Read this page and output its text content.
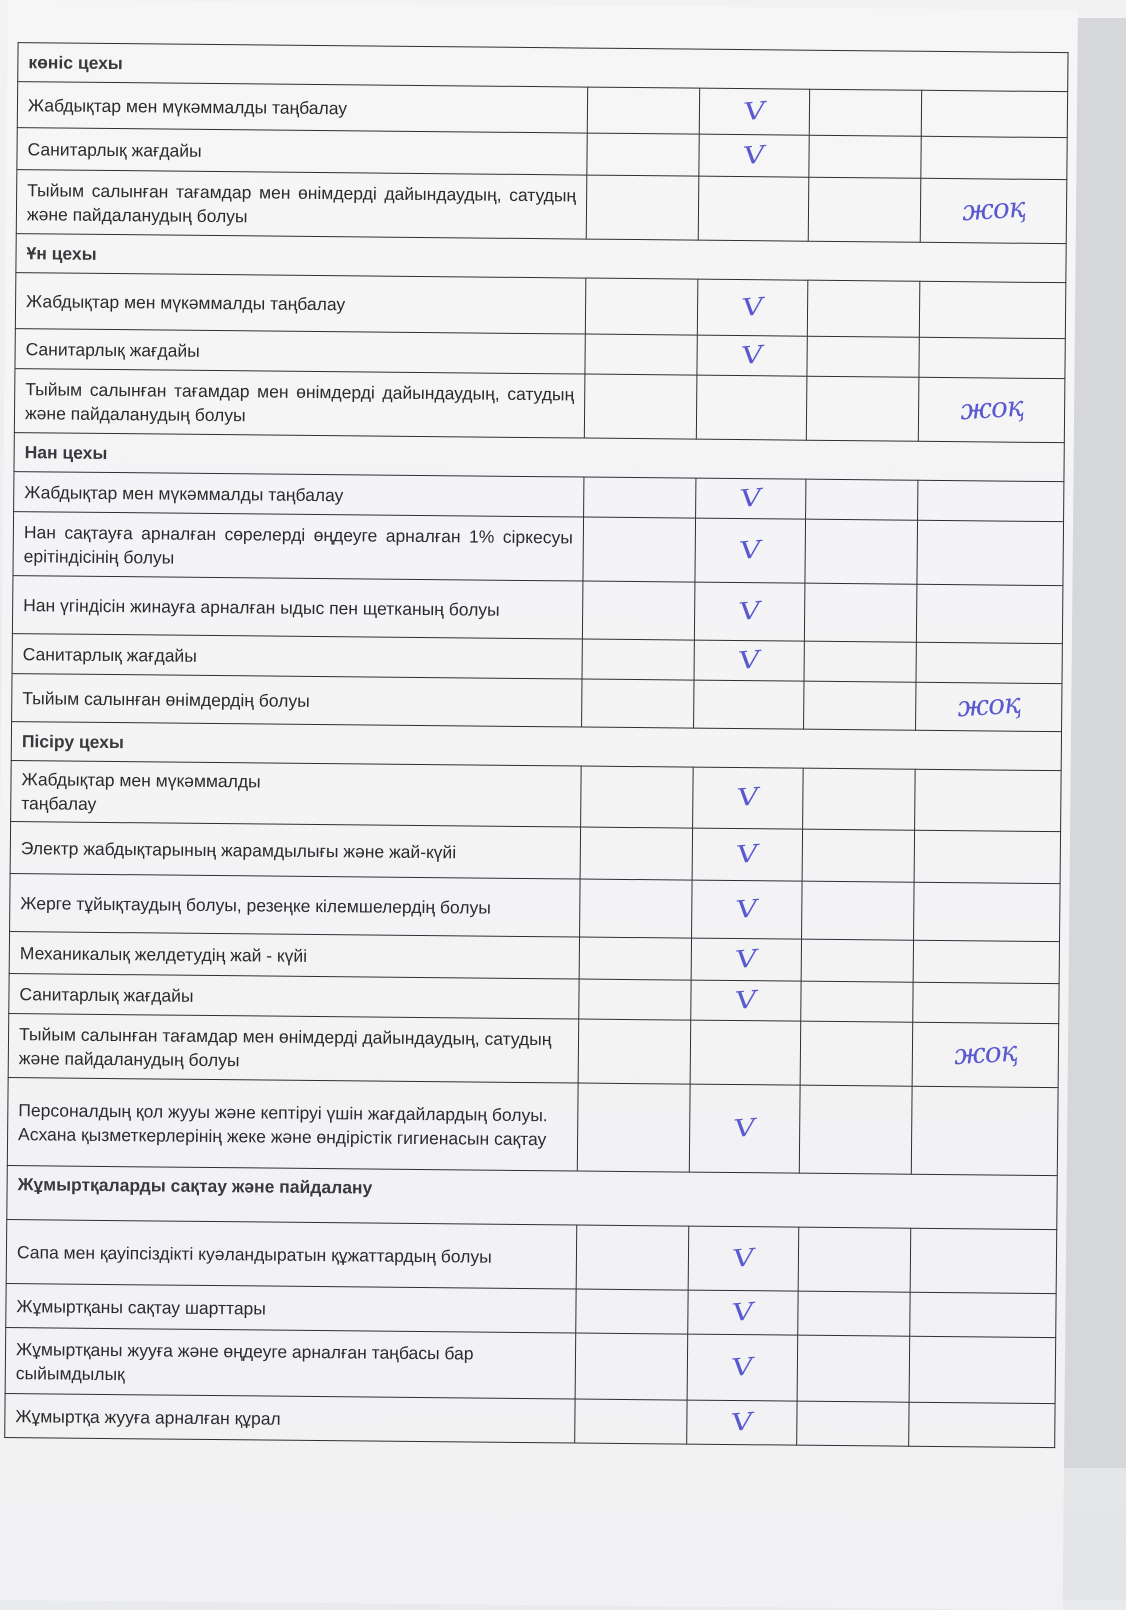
көніс цехы				
Жабдықтар мен мүкәммалды таңбалау		V		
Санитарлық жағдайы		V		
Тыйым салынған тағамдар мен өнімдерді дайындаудың, сатудың және пайдаланудың болуы				жоқ
Ұн цехы				
Жабдықтар мен мүкәммалды таңбалау		V		
Санитарлық жағдайы		V		
Тыйым салынған тағамдар мен өнімдерді дайындаудың, сатудың және пайдаланудың болуы				жоқ
Нан цехы				
Жабдықтар мен мүкәммалды таңбалау		V		
Нан сақтауға арналған сөрелерді өңдеуге арналған 1% сіркесуы ерітіндісінің болуы		V		
Нан үгіндісін жинауға арналған ыдыс пен щетканың болуы		V		
Санитарлық жағдайы		V		
Тыйым салынған өнімдердің болуы				жоқ
Пісіру цехы				
Жабдықтар мен мүкәммалды таңбалау		V		
Электр жабдықтарының жарамдылығы және жай-күйі		V		
Жерге тұйықтаудың болуы, резеңке кілемшелердің болуы		V		
Механикалық желдетудің жай - күйі		V		
Санитарлық жағдайы		V		
Тыйым салынған тағамдар мен өнімдерді дайындаудың, сатудың және пайдаланудың болуы				жоқ
Персоналдың қол жууы және кептіруі үшін жағдайлардың болуы. Асхана қызметкерлерінің жеке және өндірістік гигиенасын сақтау		V		
Жұмыртқаларды сақтау және пайдалану				
Сапа мен қауіпсіздікті куәландыратын құжаттардың болуы		V		
Жұмыртқаны сақтау шарттары		V		
Жұмыртқаны жууға және өңдеуге арналған таңбасы бар сыйымдылық		V		
Жұмыртқа жууға арналған құрал		V		
